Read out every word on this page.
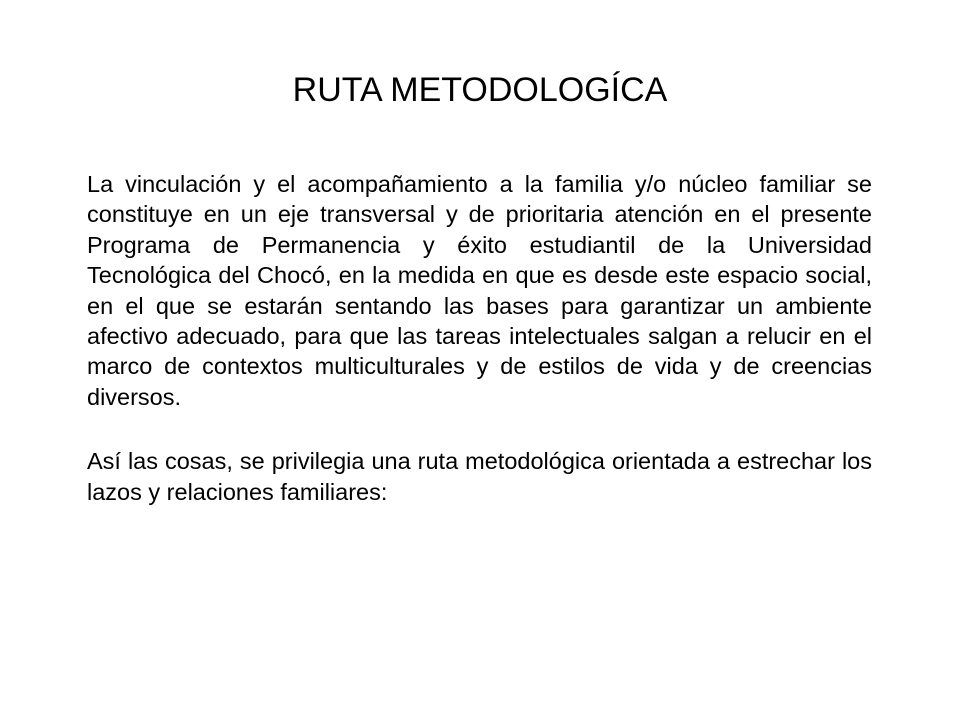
RUTA METODOLOGÍCA

La vinculación y el acompañamiento a la familia y/o núcleo familiar se constituye en un eje transversal y de prioritaria atención en el presente Programa de Permanencia y éxito estudiantil de la Universidad Tecnológica del Chocó, en la medida en que es desde este espacio social, en el que se estarán sentando las bases para garantizar un ambiente afectivo adecuado, para que las tareas intelectuales salgan a relucir en el marco de contextos multiculturales y de estilos de vida y de creencias diversos.

Así las cosas, se privilegia una ruta metodológica orientada a estrechar los lazos y relaciones familiares:
